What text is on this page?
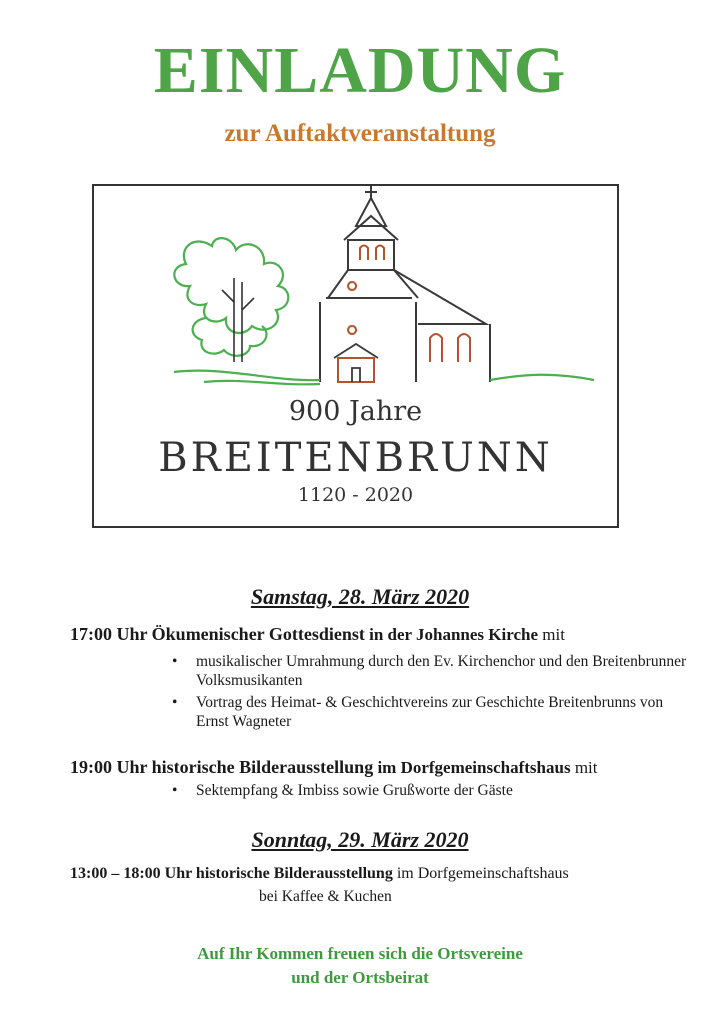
EINLADUNG
zur Auftaktveranstaltung
900 Jahre
BREITENBRUNN
1120 - 2020
Samstag, 28. März 2020
17:00 Uhr Ökumenischer Gottesdienst in der Johannes Kirche mit
• musikalischer Umrahmung durch den Ev. Kirchenchor und den Breitenbrunner Volksmusikanten
• Vortrag des Heimat- & Geschichtvereins zur Geschichte Breitenbrunns von Ernst Wagneter
19:00 Uhr historische Bilderausstellung im Dorfgemeinschaftshaus mit
• Sektempfang & Imbiss sowie Grußworte der Gäste
Sonntag, 29. März 2020
13:00 – 18:00 Uhr historische Bilderausstellung im Dorfgemeinschaftshaus
bei Kaffee & Kuchen
Auf Ihr Kommen freuen sich die Ortsvereine
und der Ortsbeirat
